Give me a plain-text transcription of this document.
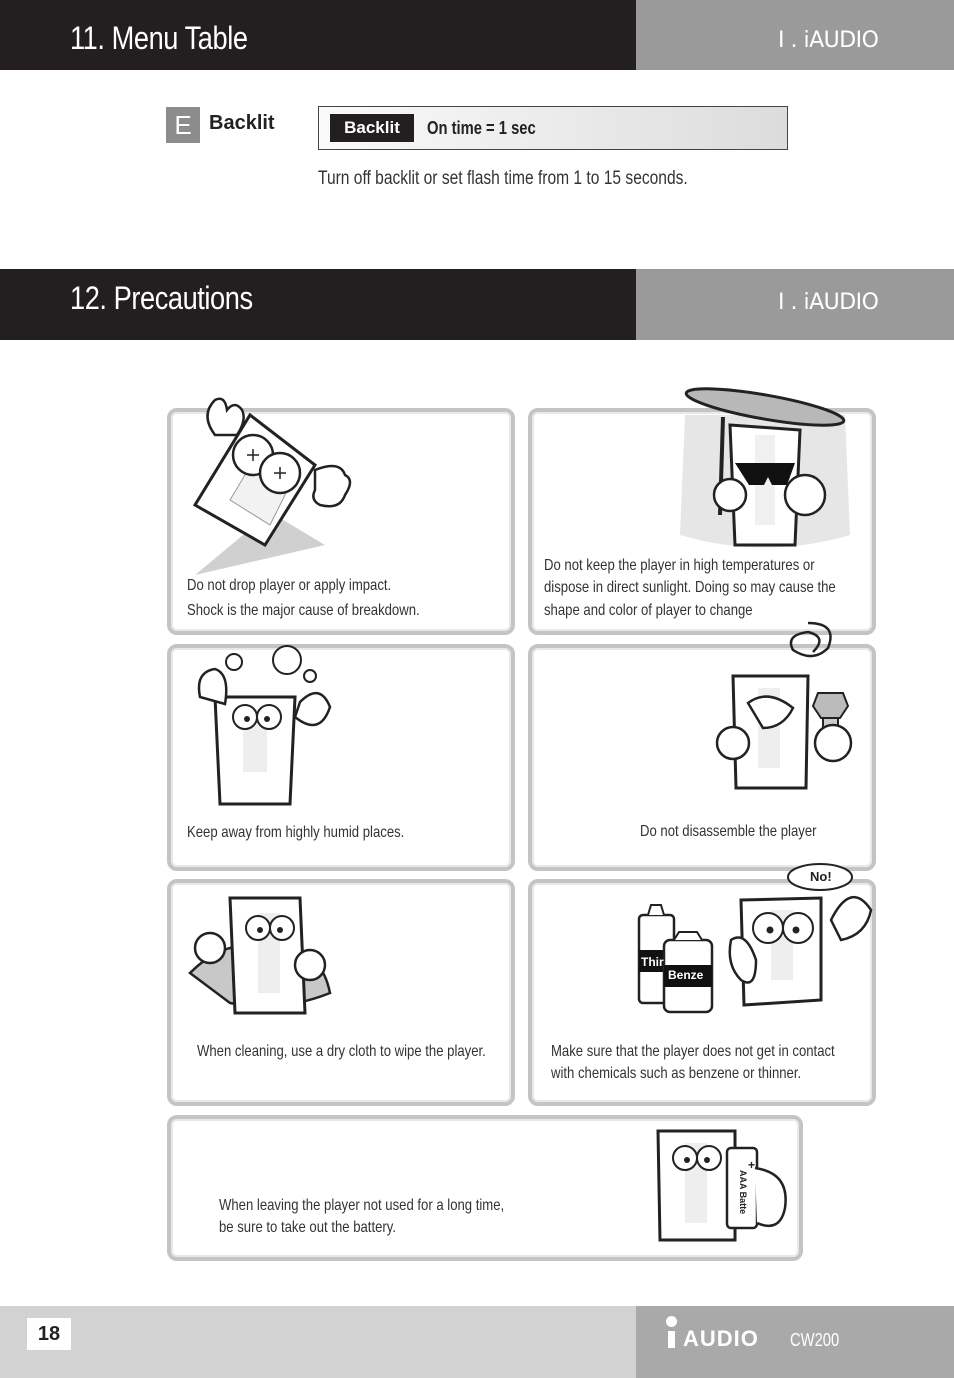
11. Menu Table	I . iAUDIO
E Backlit	Backlit	On time = 1 sec
Turn off backlit or set flash time from 1 to 15 seconds.
12. Precautions	I . iAUDIO
Do not drop player or apply impact.
Shock is the major cause of breakdown.
Do not keep the player in high temperatures or
dispose in direct sunlight. Doing so may cause the
shape and color of player to change
Keep away from highly humid places.	Do not disassemble the player
When cleaning, use a dry cloth to wipe the player.
No!
Thir
Benze
Make sure that the player does not get in contact
with chemicals such as benzene or thinner.
+
AAA Batte
When leaving the player not used for a long time,
be sure to take out the battery.
18	AUDIO CW200
